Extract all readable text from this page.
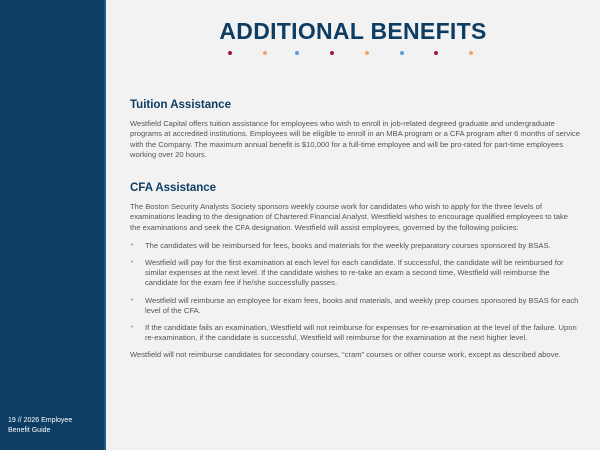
19 // 2026 Employee
Benefit Guide
ADDITIONAL BENEFITS
Tuition Assistance

Westfield Capital offers tuition assistance for employees who wish to enroll in job-related degreed graduate and undergraduate programs at accredited institutions. Employees will be eligible to enroll in an MBA program or a CFA program after 6 months of service with the Company. The maximum annual benefit is $10,000 for a full-time employee and will be pro-rated for part-time employees working over 20 hours.

CFA Assistance

The Boston Security Analysts Society sponsors weekly course work for candidates who wish to apply for the three levels of examinations leading to the designation of Chartered Financial Analyst. Westfield wishes to encourage qualified employees to take the examinations and seek the CFA designation. Westfield will assist employees, governed by the following policies:

• The candidates will be reimbursed for fees, books and materials for the weekly preparatory courses sponsored by BSAS.
• Westfield will pay for the first examination at each level for each candidate. If successful, the candidate will be reimbursed for similar expenses at the next level. If the candidate wishes to re-take an exam a second time, Westfield will reimburse the candidate for the exam fee if he/she successfully passes.
• Westfield will reimburse an employee for exam fees, books and materials, and weekly prep courses sponsored by BSAS for each level of the CFA.
• If the candidate fails an examination, Westfield will not reimburse for expenses for re-examination at the level of the failure. Upon re-examination, if the candidate is successful, Westfield will reimburse for the examination at the next higher level.

Westfield will not reimburse candidates for secondary courses, “cram” courses or other course work, except as described above.
